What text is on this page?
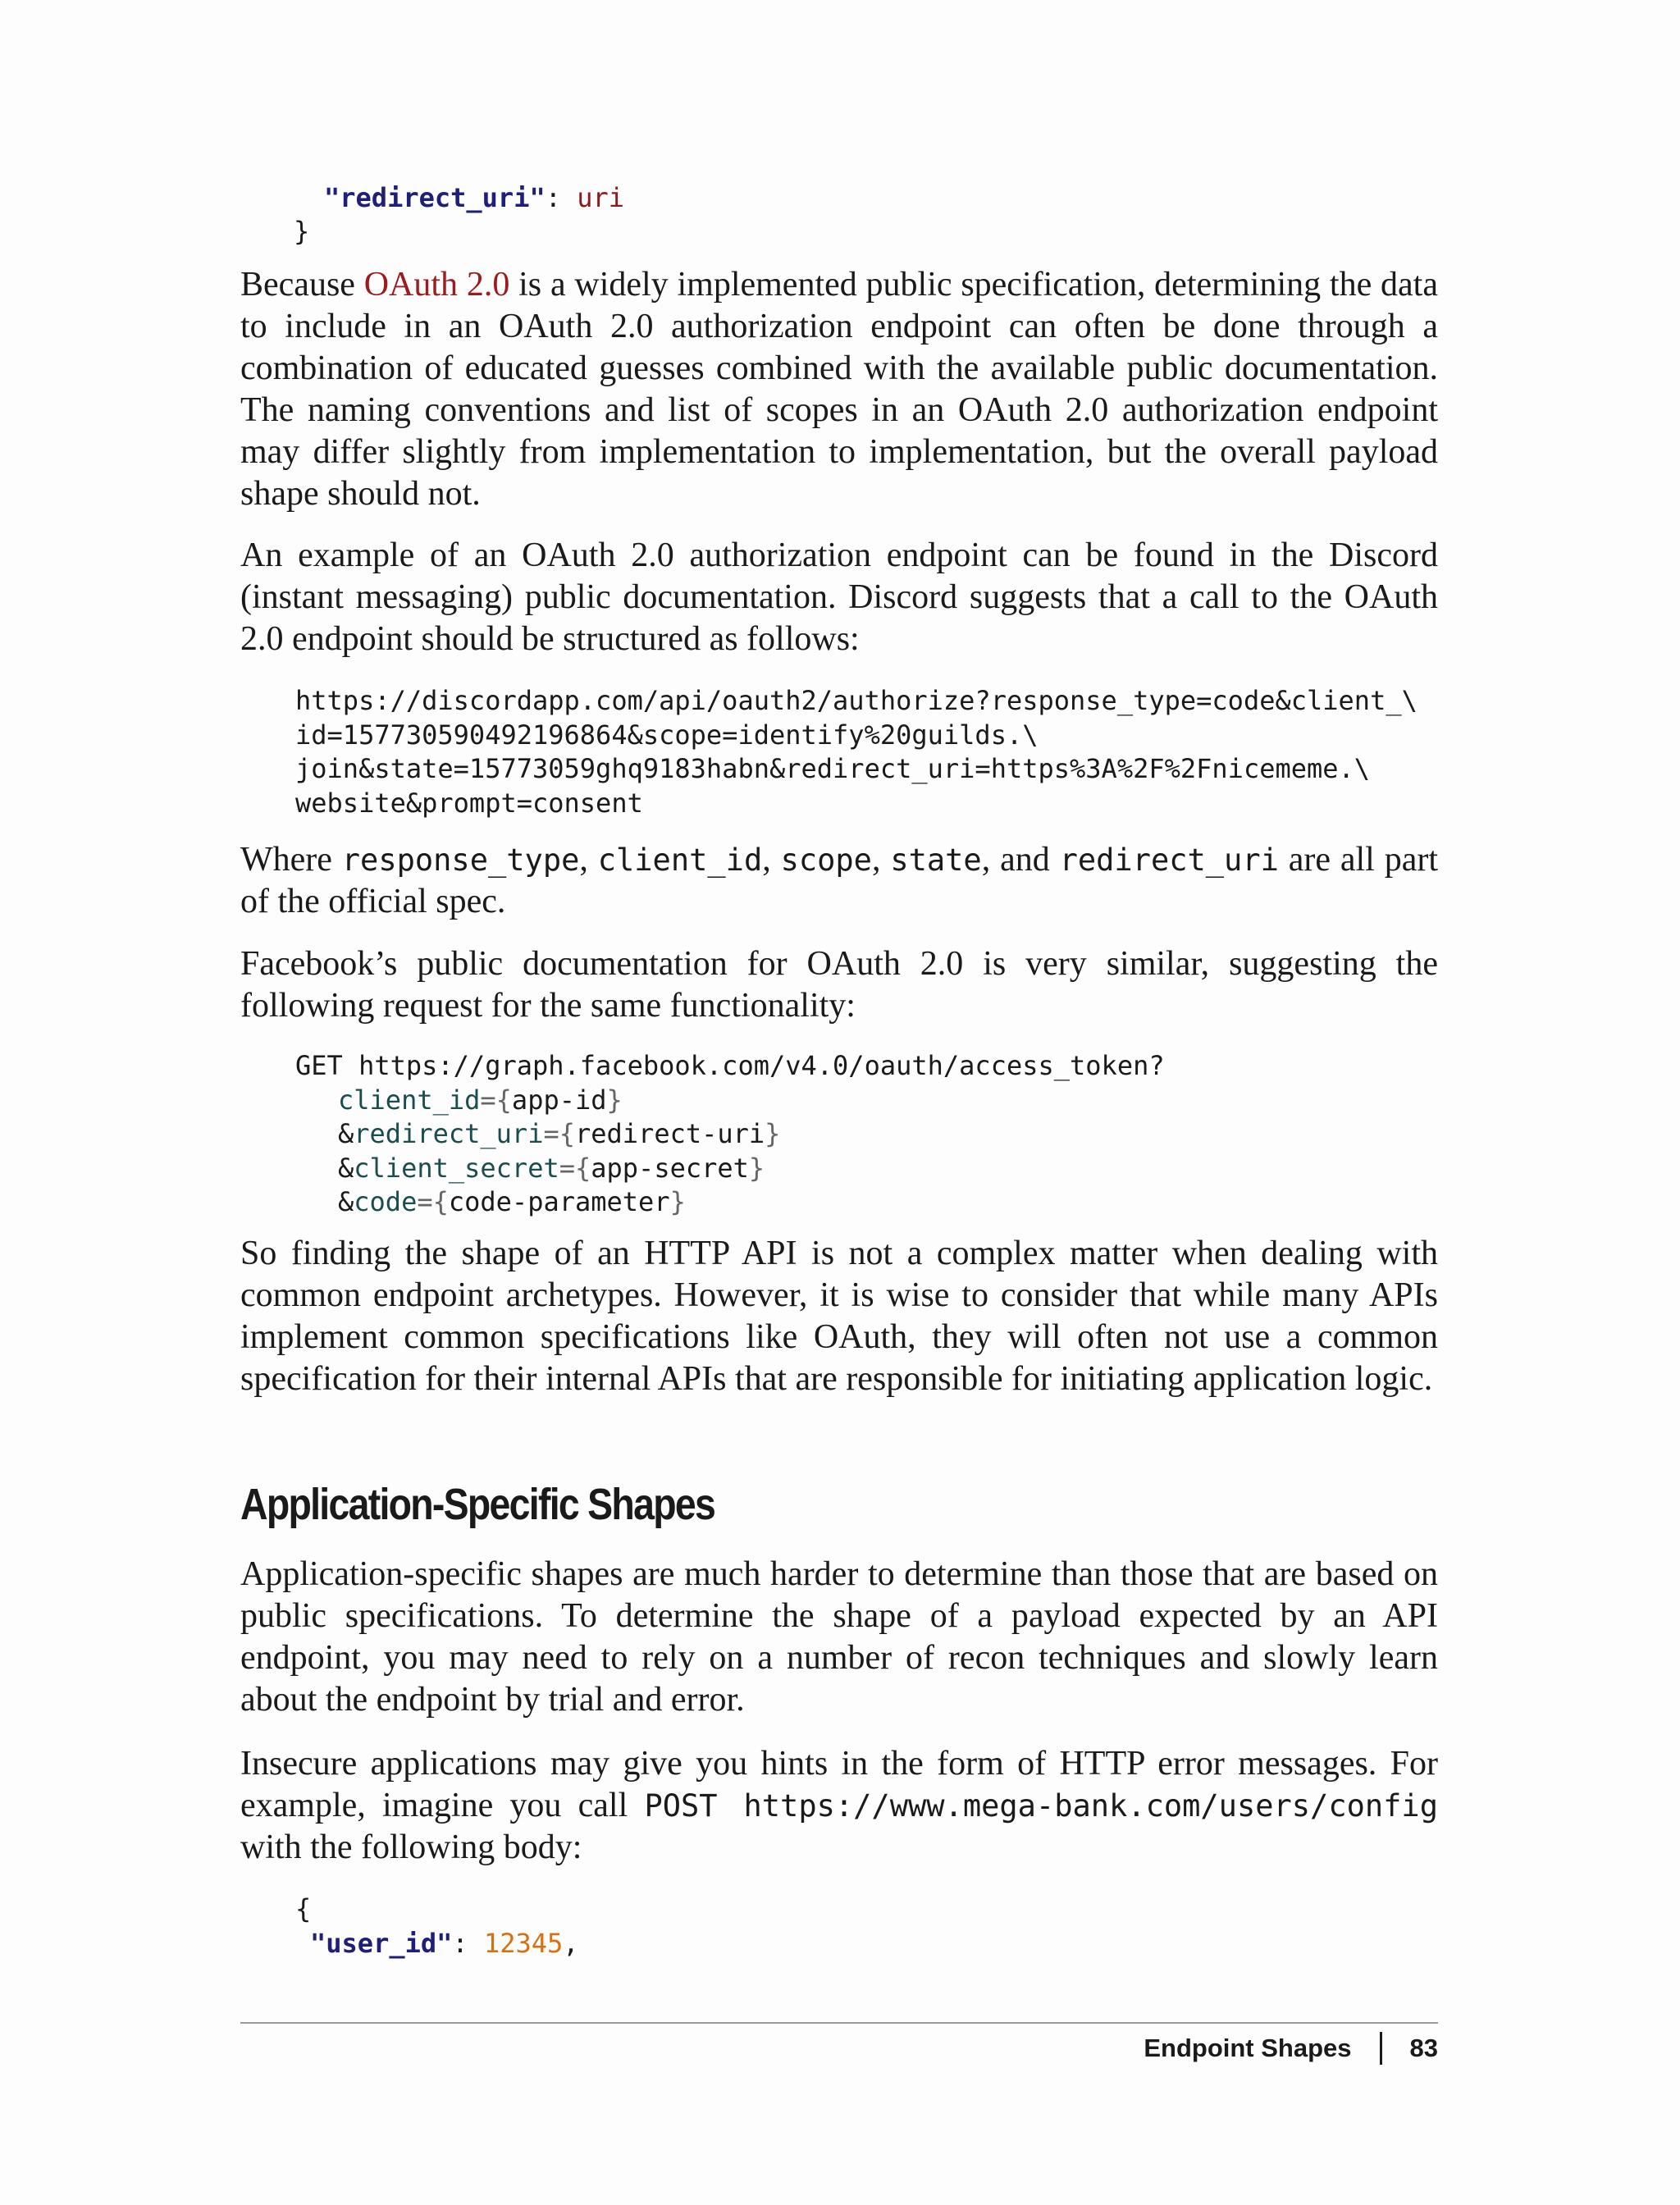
"redirect_uri": uri
}

Because OAuth 2.0 is a widely implemented public specification, determining the data to include in an OAuth 2.0 authorization endpoint can often be done through a combination of educated guesses combined with the available public documentation. The naming conventions and list of scopes in an OAuth 2.0 authorization endpoint may differ slightly from implementation to implementation, but the overall payload shape should not.

An example of an OAuth 2.0 authorization endpoint can be found in the Discord (instant messaging) public documentation. Discord suggests that a call to the OAuth 2.0 endpoint should be structured as follows:

https://discordapp.com/api/oauth2/authorize?response_type=code&client_\
id=157730590492196864&scope=identify%20guilds.\
join&state=15773059ghq9183habn&redirect_uri=https%3A%2F%2Fnicememe.\
website&prompt=consent

Where response_type, client_id, scope, state, and redirect_uri are all part of the official spec.

Facebook’s public documentation for OAuth 2.0 is very similar, suggesting the following request for the same functionality:

GET https://graph.facebook.com/v4.0/oauth/access_token?
client_id={app-id}
&redirect_uri={redirect-uri}
&client_secret={app-secret}
&code={code-parameter}

So finding the shape of an HTTP API is not a complex matter when dealing with common endpoint archetypes. However, it is wise to consider that while many APIs implement common specifications like OAuth, they will often not use a common specification for their internal APIs that are responsible for initiating application logic.

Application-Specific Shapes

Application-specific shapes are much harder to determine than those that are based on public specifications. To determine the shape of a payload expected by an API endpoint, you may need to rely on a number of recon techniques and slowly learn about the endpoint by trial and error.

Insecure applications may give you hints in the form of HTTP error messages. For example, imagine you call POST https://www.mega-bank.com/users/config with the following body:

{
"user_id": 12345,
Endpoint Shapes 83
